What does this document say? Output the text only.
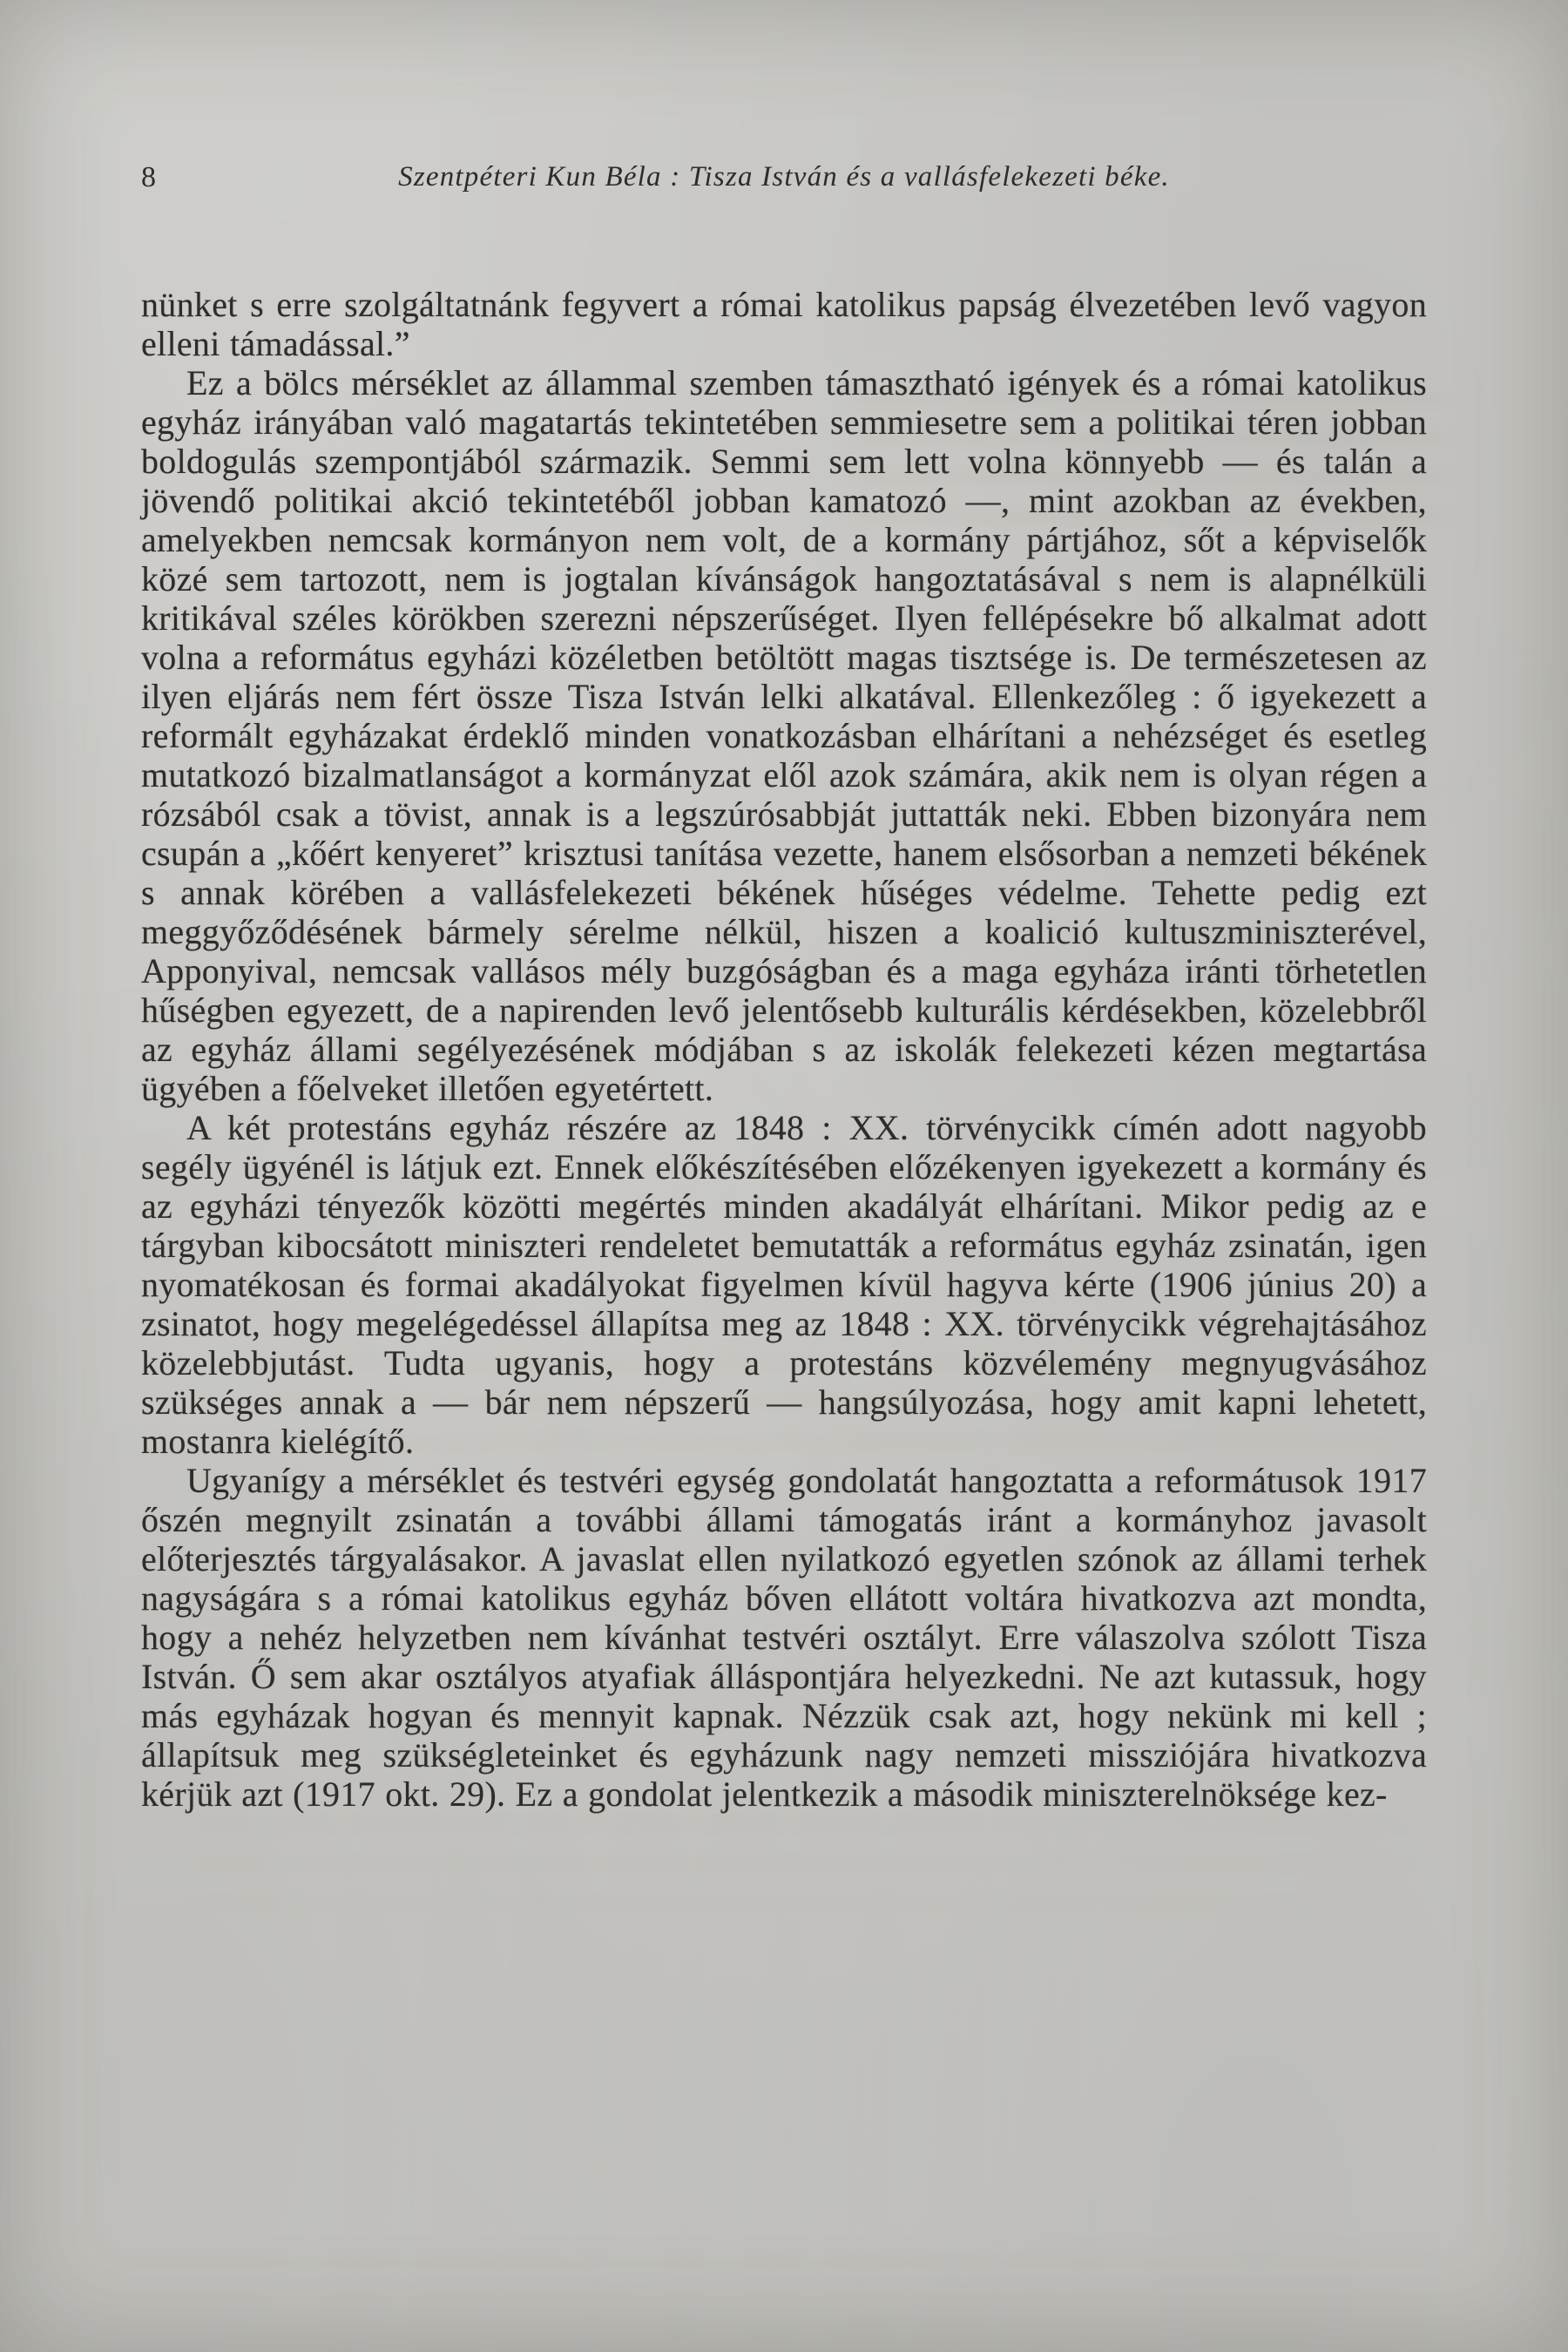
8	Szentpéteri Kun Béla : Tisza István és a vallásfelekezeti béke.

nünket s erre szolgáltatnánk fegyvert a római katolikus papság élvezetében levő vagyon elleni támadással.”

Ez a bölcs mérséklet az állammal szemben támasztható igények és a római katolikus egyház irányában való magatartás tekintetében semmiesetre sem a politikai téren jobban boldogulás szempontjából származik. Semmi sem lett volna könnyebb — és talán a jövendő politikai akció tekintetéből jobban kamatozó —, mint azokban az években, amelyekben nemcsak kormányon nem volt, de a kormány pártjához, sőt a képviselők közé sem tartozott, nem is jogtalan kívánságok hangoztatásával s nem is alapnélküli kritikával széles körökben szerezni népszerűséget. Ilyen fellépésekre bő alkalmat adott volna a református egyházi közéletben betöltött magas tisztsége is. De természetesen az ilyen eljárás nem fért össze Tisza István lelki alkatával. Ellenkezőleg : ő igyekezett a reformált egyházakat érdeklő minden vonatkozásban elhárítani a nehézséget és esetleg mutatkozó bizalmatlanságot a kormányzat elől azok számára, akik nem is olyan régen a rózsából csak a tövist, annak is a legszúrósabbját juttatták neki. Ebben bizonyára nem csupán a „kőért kenyeret” krisztusi tanítása vezette, hanem elsősorban a nemzeti békének s annak körében a vallásfelekezeti békének hűséges védelme. Tehette pedig ezt meggyőződésének bármely sérelme nélkül, hiszen a koalició kultuszminiszterével, Apponyival, nemcsak vallásos mély buzgóságban és a maga egyháza iránti törhetetlen hűségben egyezett, de a napirenden levő jelentősebb kulturális kérdésekben, közelebbről az egyház állami segélyezésének módjában s az iskolák felekezeti kézen megtartása ügyében a főelveket illetően egyetértett.

A két protestáns egyház részére az 1848 : XX. törvénycikk címén adott nagyobb segély ügyénél is látjuk ezt. Ennek előkészítésében előzékenyen igyekezett a kormány és az egyházi tényezők közötti megértés minden akadályát elhárítani. Mikor pedig az e tárgyban kibocsátott miniszteri rendeletet bemutatták a református egyház zsinatán, igen nyomatékosan és formai akadályokat figyelmen kívül hagyva kérte (1906 június 20) a zsinatot, hogy megelégedéssel állapítsa meg az 1848 : XX. törvénycikk végrehajtásához közelebbjutást. Tudta ugyanis, hogy a protestáns közvélemény megnyugvásához szükséges annak a — bár nem népszerű — hangsúlyozása, hogy amit kapni lehetett, mostanra kielégítő.

Ugyanígy a mérséklet és testvéri egység gondolatát hangoztatta a reformátusok 1917 őszén megnyilt zsinatán a további állami támogatás iránt a kormányhoz javasolt előterjesztés tárgyalásakor. A javaslat ellen nyilatkozó egyetlen szónok az állami terhek nagyságára s a római katolikus egyház bőven ellátott voltára hivatkozva azt mondta, hogy a nehéz helyzetben nem kívánhat testvéri osztályt. Erre válaszolva szólott Tisza István. Ő sem akar osztályos atyafiak álláspontjára helyezkedni. Ne azt kutassuk, hogy más egyházak hogyan és mennyit kapnak. Nézzük csak azt, hogy nekünk mi kell ; állapítsuk meg szükségleteinket és egyházunk nagy nemzeti missziójára hivatkozva kérjük azt (1917 okt. 29). Ez a gondolat jelentkezik a második miniszterelnöksége kez-
